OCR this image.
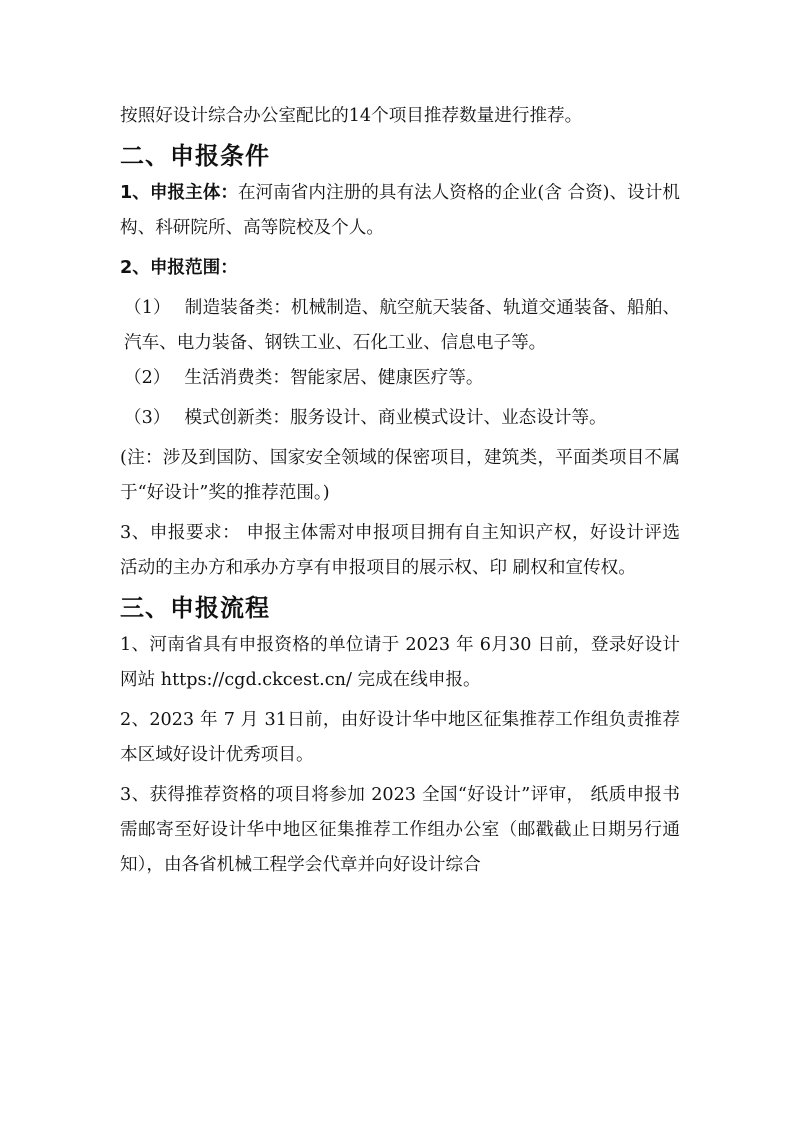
按照好设计综合办公室配比的14个项目推荐数量进行推荐。

二、申报条件

1、申报主体：在河南省内注册的具有法人资格的企业(含 合资)、设计机构、科研院所、高等院校及个人。

2、申报范围：

（1） 制造装备类：机械制造、航空航天装备、轨道交通装备、船舶、汽车、电力装备、钢铁工业、石化工业、信息电子等。

（2） 生活消费类：智能家居、健康医疗等。

（3） 模式创新类：服务设计、商业模式设计、业态设计等。

(注：涉及到国防、国家安全领域的保密项目，建筑类，平面类项目不属于“好设计”奖的推荐范围。)

3、申报要求： 申报主体需对申报项目拥有自主知识产权，好设计评选活动的主办方和承办方享有申报项目的展示权、印 刷权和宣传权。

三、申报流程

1、河南省具有申报资格的单位请于 2023 年 6月30 日前，登录好设计网站 https://cgd.ckcest.cn/ 完成在线申报。

2、2023 年 7 月 31日前，由好设计华中地区征集推荐工作组负责推荐本区域好设计优秀项目。

3、获得推荐资格的项目将参加 2023 全国“好设计”评审， 纸质申报书需邮寄至好设计华中地区征集推荐工作组办公室（邮戳截止日期另行通知），由各省机械工程学会代章并向好设计综合
